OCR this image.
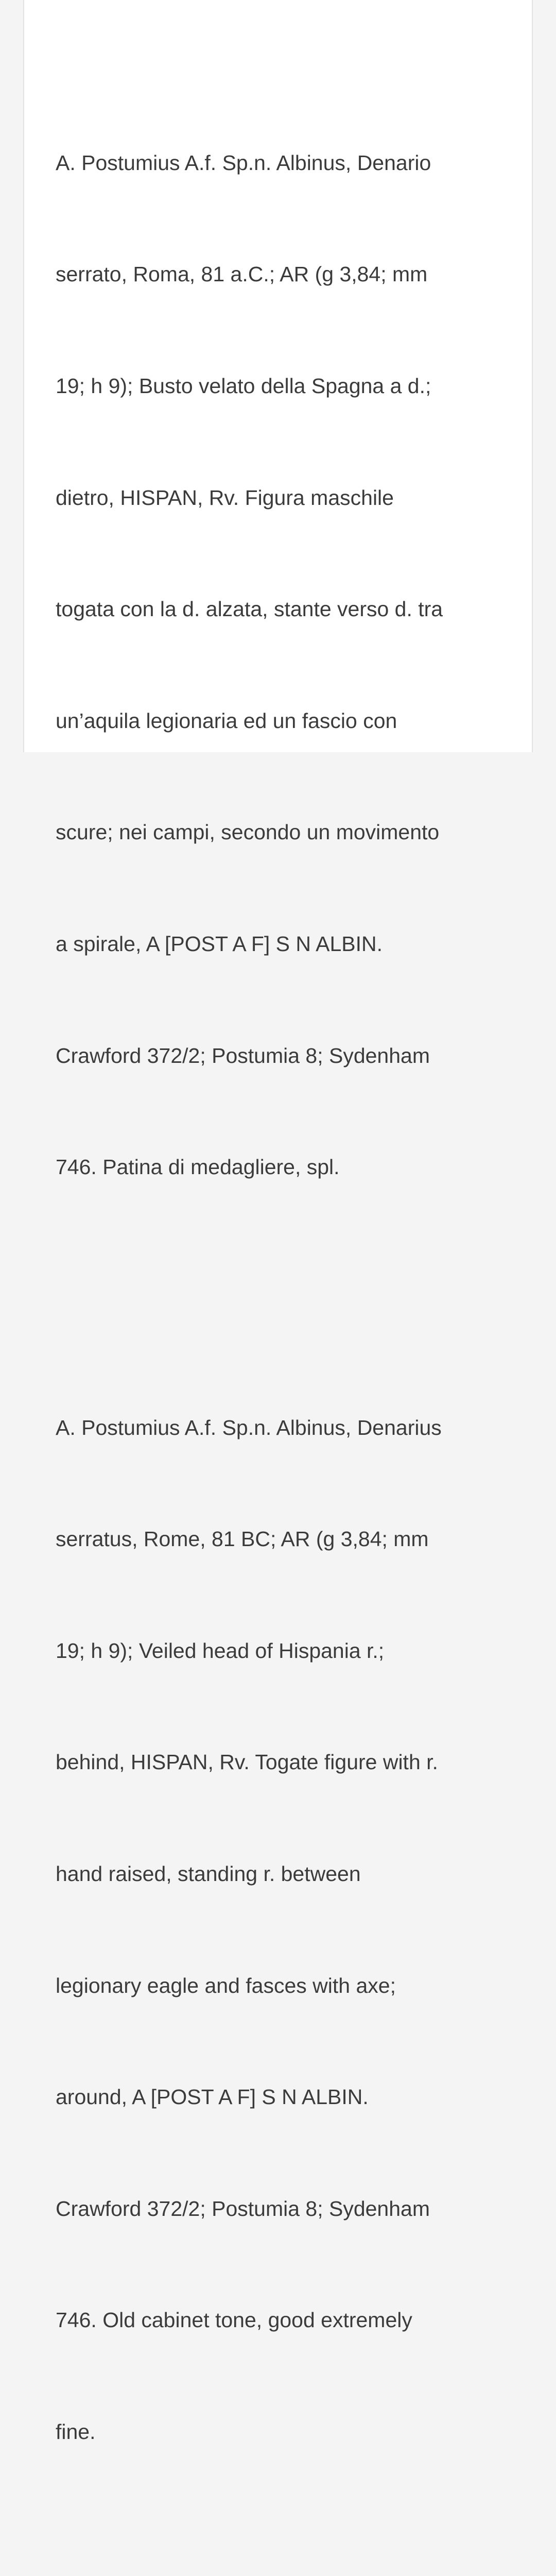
A. Postumius A.f. Sp.n. Albinus, Denario

serrato, Roma, 81 a.C.; AR (g 3,84; mm

19; h 9); Busto velato della Spagna a d.;

dietro, HISPAN, Rv. Figura maschile

togata con la d. alzata, stante verso d. tra

un’aquila legionaria ed un fascio con

scure; nei campi, secondo un movimento

a spirale, A [POST A F] S N ALBIN.

Crawford 372/2; Postumia 8; Sydenham

746. Patina di medagliere, spl.

A. Postumius A.f. Sp.n. Albinus, Denarius

serratus, Rome, 81 BC; AR (g 3,84; mm

19; h 9); Veiled head of Hispania r.;

behind, HISPAN, Rv. Togate figure with r.

hand raised, standing r. between

legionary eagle and fasces with axe;

around, A [POST A F] S N ALBIN.

Crawford 372/2; Postumia 8; Sydenham

746. Old cabinet tone, good extremely

fine.
